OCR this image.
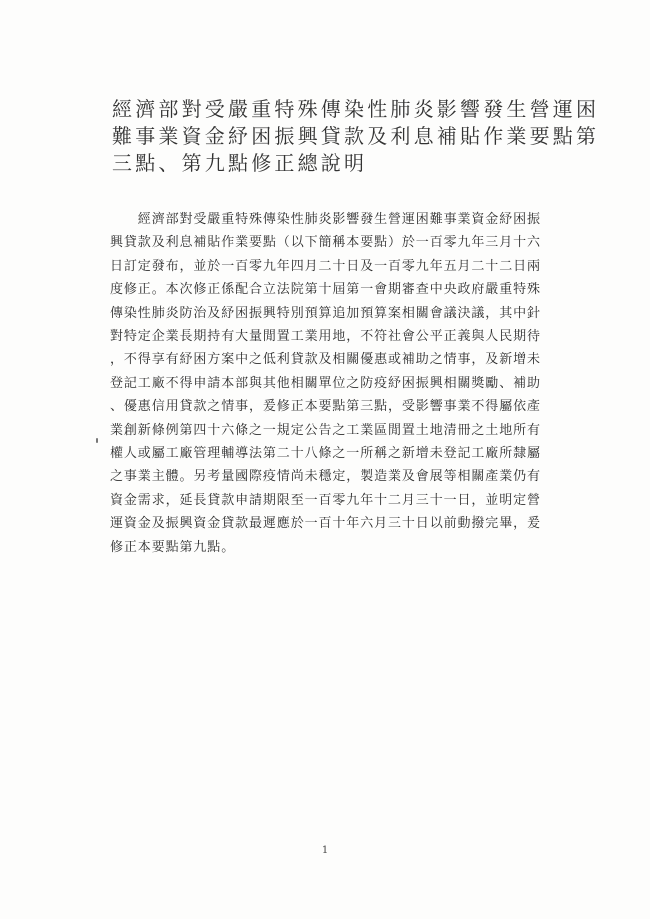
經濟部對受嚴重特殊傳染性肺炎影響發生營運困
難事業資金紓困振興貸款及利息補貼作業要點第
三點、第九點修正總說明

　　經濟部對受嚴重特殊傳染性肺炎影響發生營運困難事業資金紓困振
興貸款及利息補貼作業要點（以下簡稱本要點）於一百零九年三月十六
日訂定發布，並於一百零九年四月二十日及一百零九年五月二十二日兩
度修正。本次修正係配合立法院第十屆第一會期審查中央政府嚴重特殊
傳染性肺炎防治及紓困振興特別預算追加預算案相關會議決議，其中針
對特定企業長期持有大量閒置工業用地，不符社會公平正義與人民期待
，不得享有紓困方案中之低利貸款及相關優惠或補助之情事，及新增未
登記工廠不得申請本部與其他相關單位之防疫紓困振興相關獎勵、補助
、優惠信用貸款之情事，爰修正本要點第三點，受影響事業不得屬依產
業創新條例第四十六條之一規定公告之工業區閒置土地清冊之土地所有
權人或屬工廠管理輔導法第二十八條之一所稱之新增未登記工廠所隸屬
之事業主體。另考量國際疫情尚未穩定，製造業及會展等相關產業仍有
資金需求，延長貸款申請期限至一百零九年十二月三十一日，並明定營
運資金及振興資金貸款最遲應於一百十年六月三十日以前動撥完畢，爰
修正本要點第九點。

1
